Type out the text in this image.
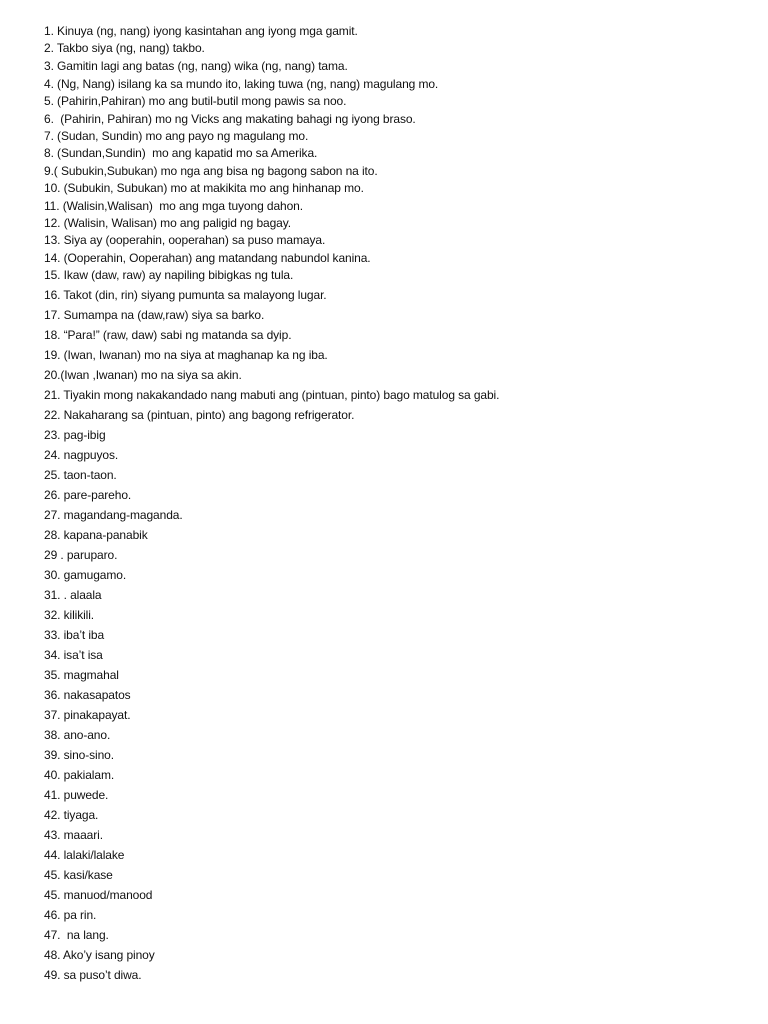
1. Kinuya (ng, nang) iyong kasintahan ang iyong mga gamit.
2. Takbo siya (ng, nang) takbo.
3. Gamitin lagi ang batas (ng, nang) wika (ng, nang) tama.
4. (Ng, Nang) isilang ka sa mundo ito, laking tuwa (ng, nang) magulang mo.
5. (Pahirin,Pahiran) mo ang butil-butil mong pawis sa noo.
6.  (Pahirin, Pahiran) mo ng Vicks ang makating bahagi ng iyong braso.
7. (Sudan, Sundin) mo ang payo ng magulang mo.
8. (Sundan,Sundin)  mo ang kapatid mo sa Amerika.
9.( Subukin,Subukan) mo nga ang bisa ng bagong sabon na ito.
10. (Subukin, Subukan) mo at makikita mo ang hinhanap mo.
11. (Walisin,Walisan)  mo ang mga tuyong dahon.
12. (Walisin, Walisan) mo ang paligid ng bagay.
13. Siya ay (ooperahin, ooperahan) sa puso mamaya.
14. (Ooperahin, Ooperahan) ang matandang nabundol kanina.
15. Ikaw (daw, raw) ay napiling bibigkas ng tula.
16. Takot (din, rin) siyang pumunta sa malayong lugar.
17. Sumampa na (daw,raw) siya sa barko.
18. “Para!” (raw, daw) sabi ng matanda sa dyip.
19. (Iwan, Iwanan) mo na siya at maghanap ka ng iba.
20.(Iwan ,Iwanan) mo na siya sa akin.
21. Tiyakin mong nakakandado nang mabuti ang (pintuan, pinto) bago matulog sa gabi.
22. Nakaharang sa (pintuan, pinto) ang bagong refrigerator.
23. pag-ibig
24. nagpuyos.
25. taon-taon.
26. pare-pareho.
27. magandang-maganda.
28. kapana-panabik
29 . paruparo.
30. gamugamo.
31. . alaala
32. kilikili.
33. iba’t iba
34. isa’t isa
35. magmahal
36. nakasapatos
37. pinakapayat.
38. ano-ano.
39. sino-sino.
40. pakialam.
41. puwede.
42. tiyaga.
43. maaari.
44. lalaki/lalake
45. kasi/kase
45. manuod/manood
46. pa rin.
47.  na lang.
48. Ako’y isang pinoy
49. sa puso’t diwa.
